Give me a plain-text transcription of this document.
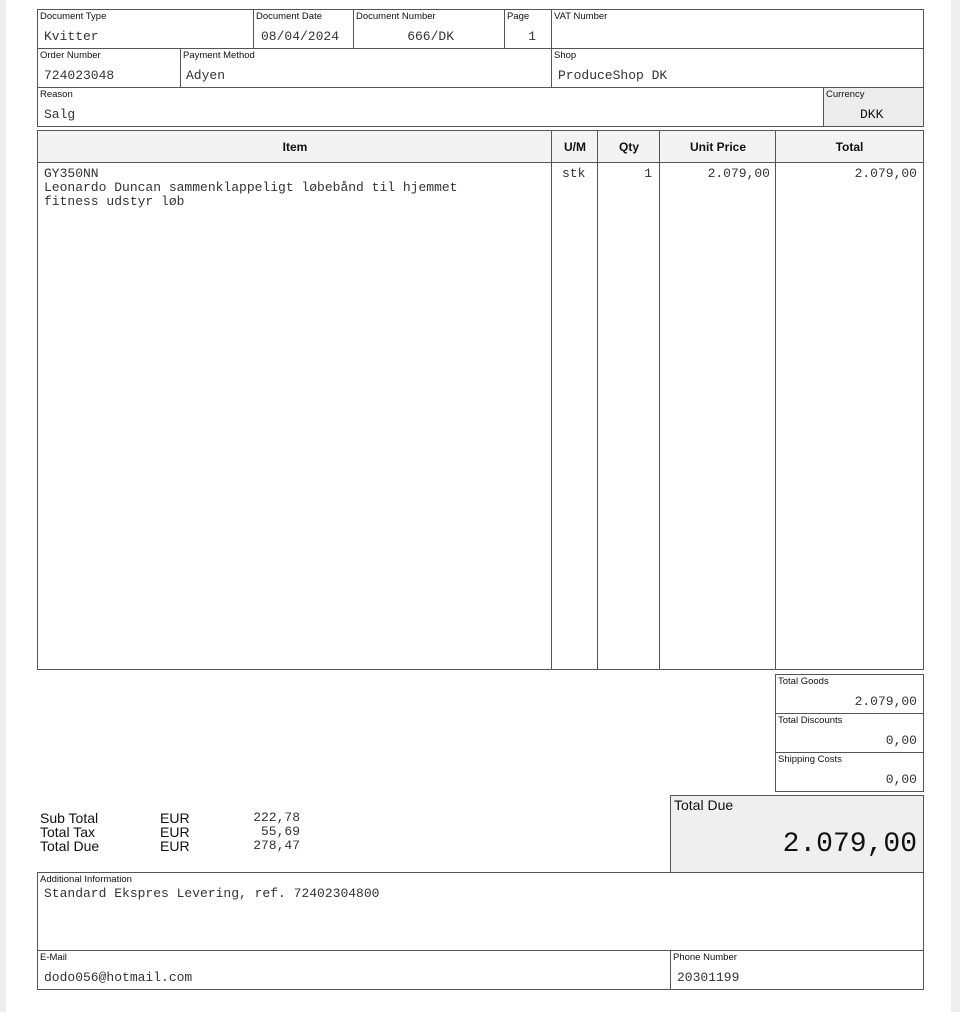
Document Type
Kvitter
Document Date
08/04/2024
Document Number
666/DK
Page
1
VAT Number
Order Number
724023048
Payment Method
Adyen
Shop
ProduceShop DK
Reason
Salg
Currency
DKK
Item	U/M	Qty	Unit Price	Total
GY350NN
Leonardo Duncan sammenklappeligt løbebånd til hjemmet
fitness udstyr løb
stk	1	2.079,00	2.079,00
Total Goods
2.079,00
Total Discounts
0,00
Shipping Costs
0,00
Total Due
2.079,00
Sub Total	EUR	222,78
Total Tax	EUR	55,69
Total Due	EUR	278,47
Additional Information
Standard Ekspres Levering, ref. 72402304800
E-Mail
dodo056@hotmail.com
Phone Number
20301199
